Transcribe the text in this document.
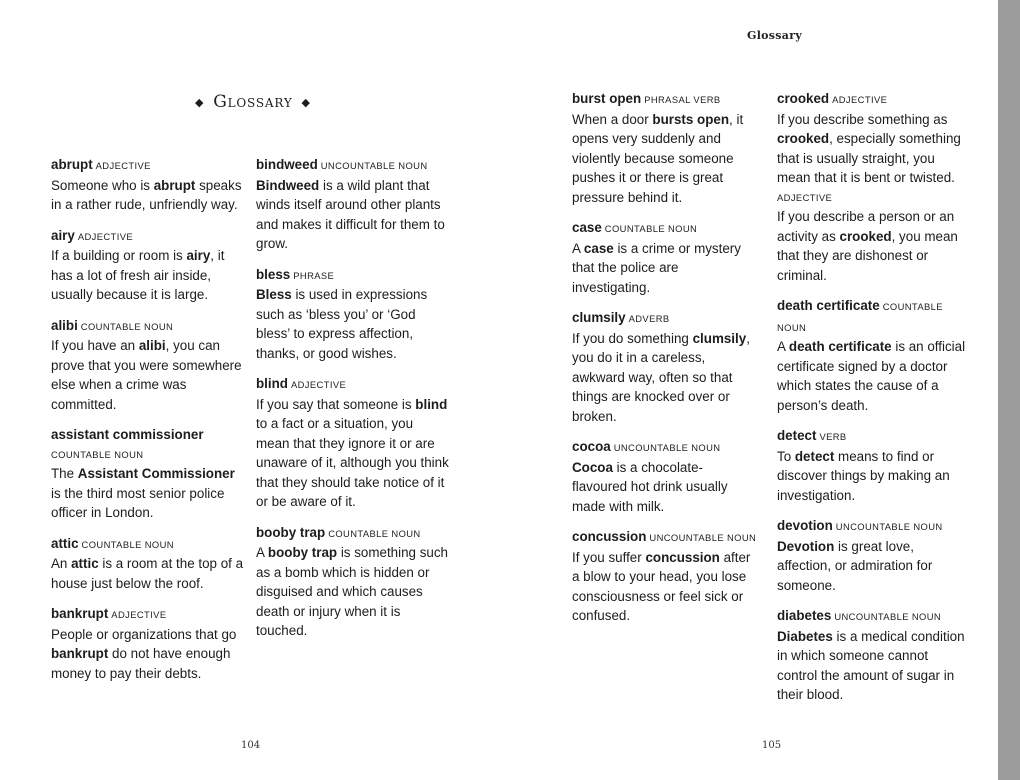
◆ Glossary ◆
abrupt ADJECTIVE

Someone who is abrupt speaks in a rather rude, unfriendly way.

airy ADJECTIVE

If a building or room is airy, it has a lot of fresh air inside, usually because it is large.

alibi COUNTABLE NOUN

If you have an alibi, you can prove that you were somewhere else when a crime was committed.

assistant commissioner
COUNTABLE NOUN

The Assistant Commissioner is the third most senior police officer in London.

attic COUNTABLE NOUN

An attic is a room at the top of a house just below the roof.

bankrupt ADJECTIVE

People or organizations that go bankrupt do not have enough money to pay their debts.

bindweed UNCOUNTABLE NOUN

Bindweed is a wild plant that winds itself around other plants and makes it difficult for them to grow.

bless PHRASE

Bless is used in expressions such as ‘bless you’ or ‘God bless’ to express affection, thanks, or good wishes.

blind ADJECTIVE

If you say that someone is blind to a fact or a situation, you mean that they ignore it or are unaware of it, although you think that they should take notice of it or be aware of it.

booby trap COUNTABLE NOUN

A booby trap is something such as a bomb which is hidden or disguised and which causes death or injury when it is touched.

104
Glossary
burst open PHRASAL VERB

When a door bursts open, it opens very suddenly and violently because someone pushes it or there is great pressure behind it.

case COUNTABLE NOUN

A case is a crime or mystery that the police are investigating.

clumsily ADVERB

If you do something clumsily, you do it in a careless, awkward way, often so that things are knocked over or broken.

cocoa UNCOUNTABLE NOUN

Cocoa is a chocolate-flavoured hot drink usually made with milk.

concussion UNCOUNTABLE NOUN

If you suffer concussion after a blow to your head, you lose consciousness or feel sick or confused.

crooked ADJECTIVE

If you describe something as crooked, especially something that is usually straight, you mean that it is bent or twisted.

ADJECTIVE

If you describe a person or an activity as crooked, you mean that they are dishonest or criminal.

death certificate COUNTABLE NOUN

A death certificate is an official certificate signed by a doctor which states the cause of a person’s death.

detect VERB

To detect means to find or discover things by making an investigation.

devotion UNCOUNTABLE NOUN

Devotion is great love, affection, or admiration for someone.

diabetes UNCOUNTABLE NOUN

Diabetes is a medical condition in which someone cannot control the amount of sugar in their blood.

105
